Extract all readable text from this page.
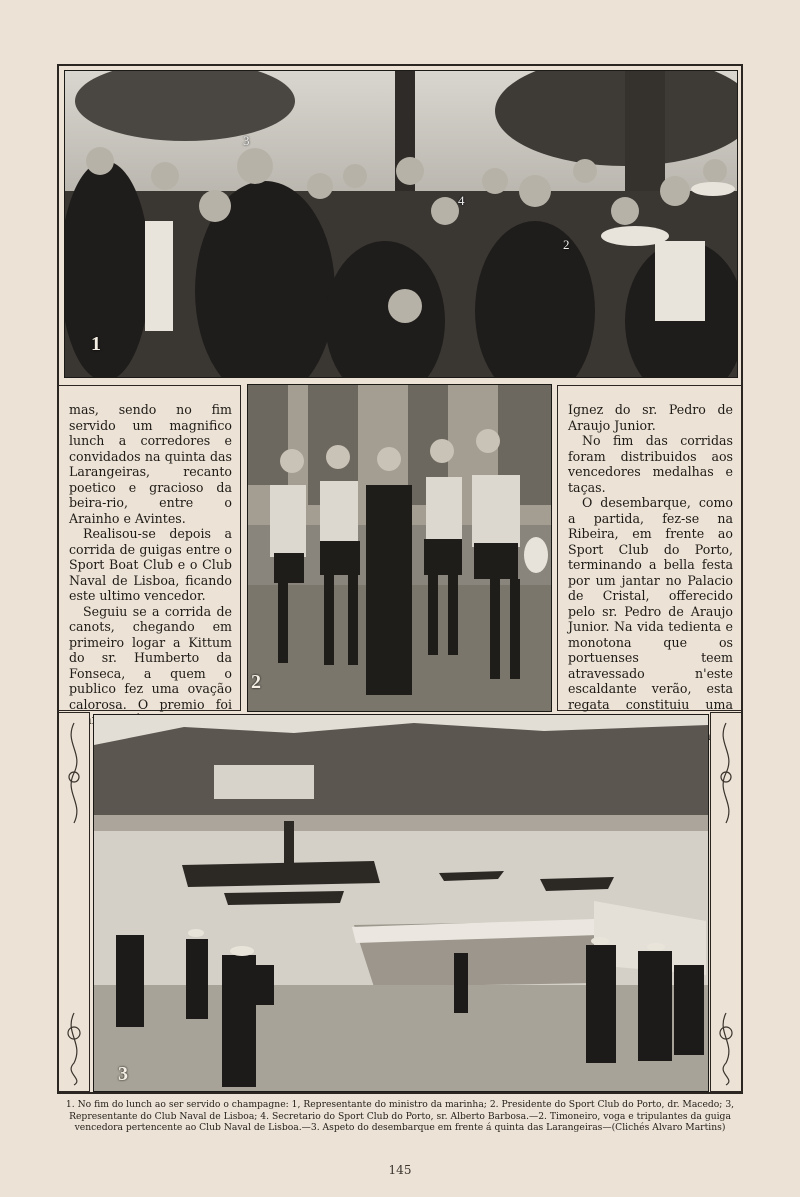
1
3
4
2

mas, sendo no fim servido um magnifico lunch a corredores e convidados na quinta das Larangeiras, recanto poetico e gracioso da beira-rio, entre o Arainho e Avintes.

Realisou-se depois a corrida de guigas entre o Sport Boat Club e o Club Naval de Lisboa, ficando este ultimo vencedor.

Seguiu se a corrida de canots, chegando em primeiro logar a Kittum do sr. Humberto da Fonseca, a quem o publico fez uma ovação calorosa. O premio foi

2

Ignez do sr. Pedro de Araujo Junior.

No fim das corridas foram distribuidos aos vencedores medalhas e taças.

O desembarque, como a partida, fez-se na Ribeira, em frente ao Sport Club do Porto, terminando a bella festa por um jantar no Palacio de Cristal, offerecido pelo sr. Pedro de Araujo Junior. Na vida tedienta e monotona que os portuenses teem atravessado n'este escaldante verão, esta regata constituiu uma

3
1. No fim do lunch ao ser servido o champagne: 1, Representante do ministro da marinha; 2. Presidente do Sport Club do Porto, dr. Macedo; 3, Representante do Club Naval de Lisboa; 4. Secretario do Sport Club do Porto, sr. Alberto Barbosa.—2. Timoneiro, voga e tripulantes da guiga vencedora pertencente ao Club Naval de Lisboa.—3. Aspeto do desembarque em frente á quinta das Larangeiras—(Clichés Alvaro Martins)
145
